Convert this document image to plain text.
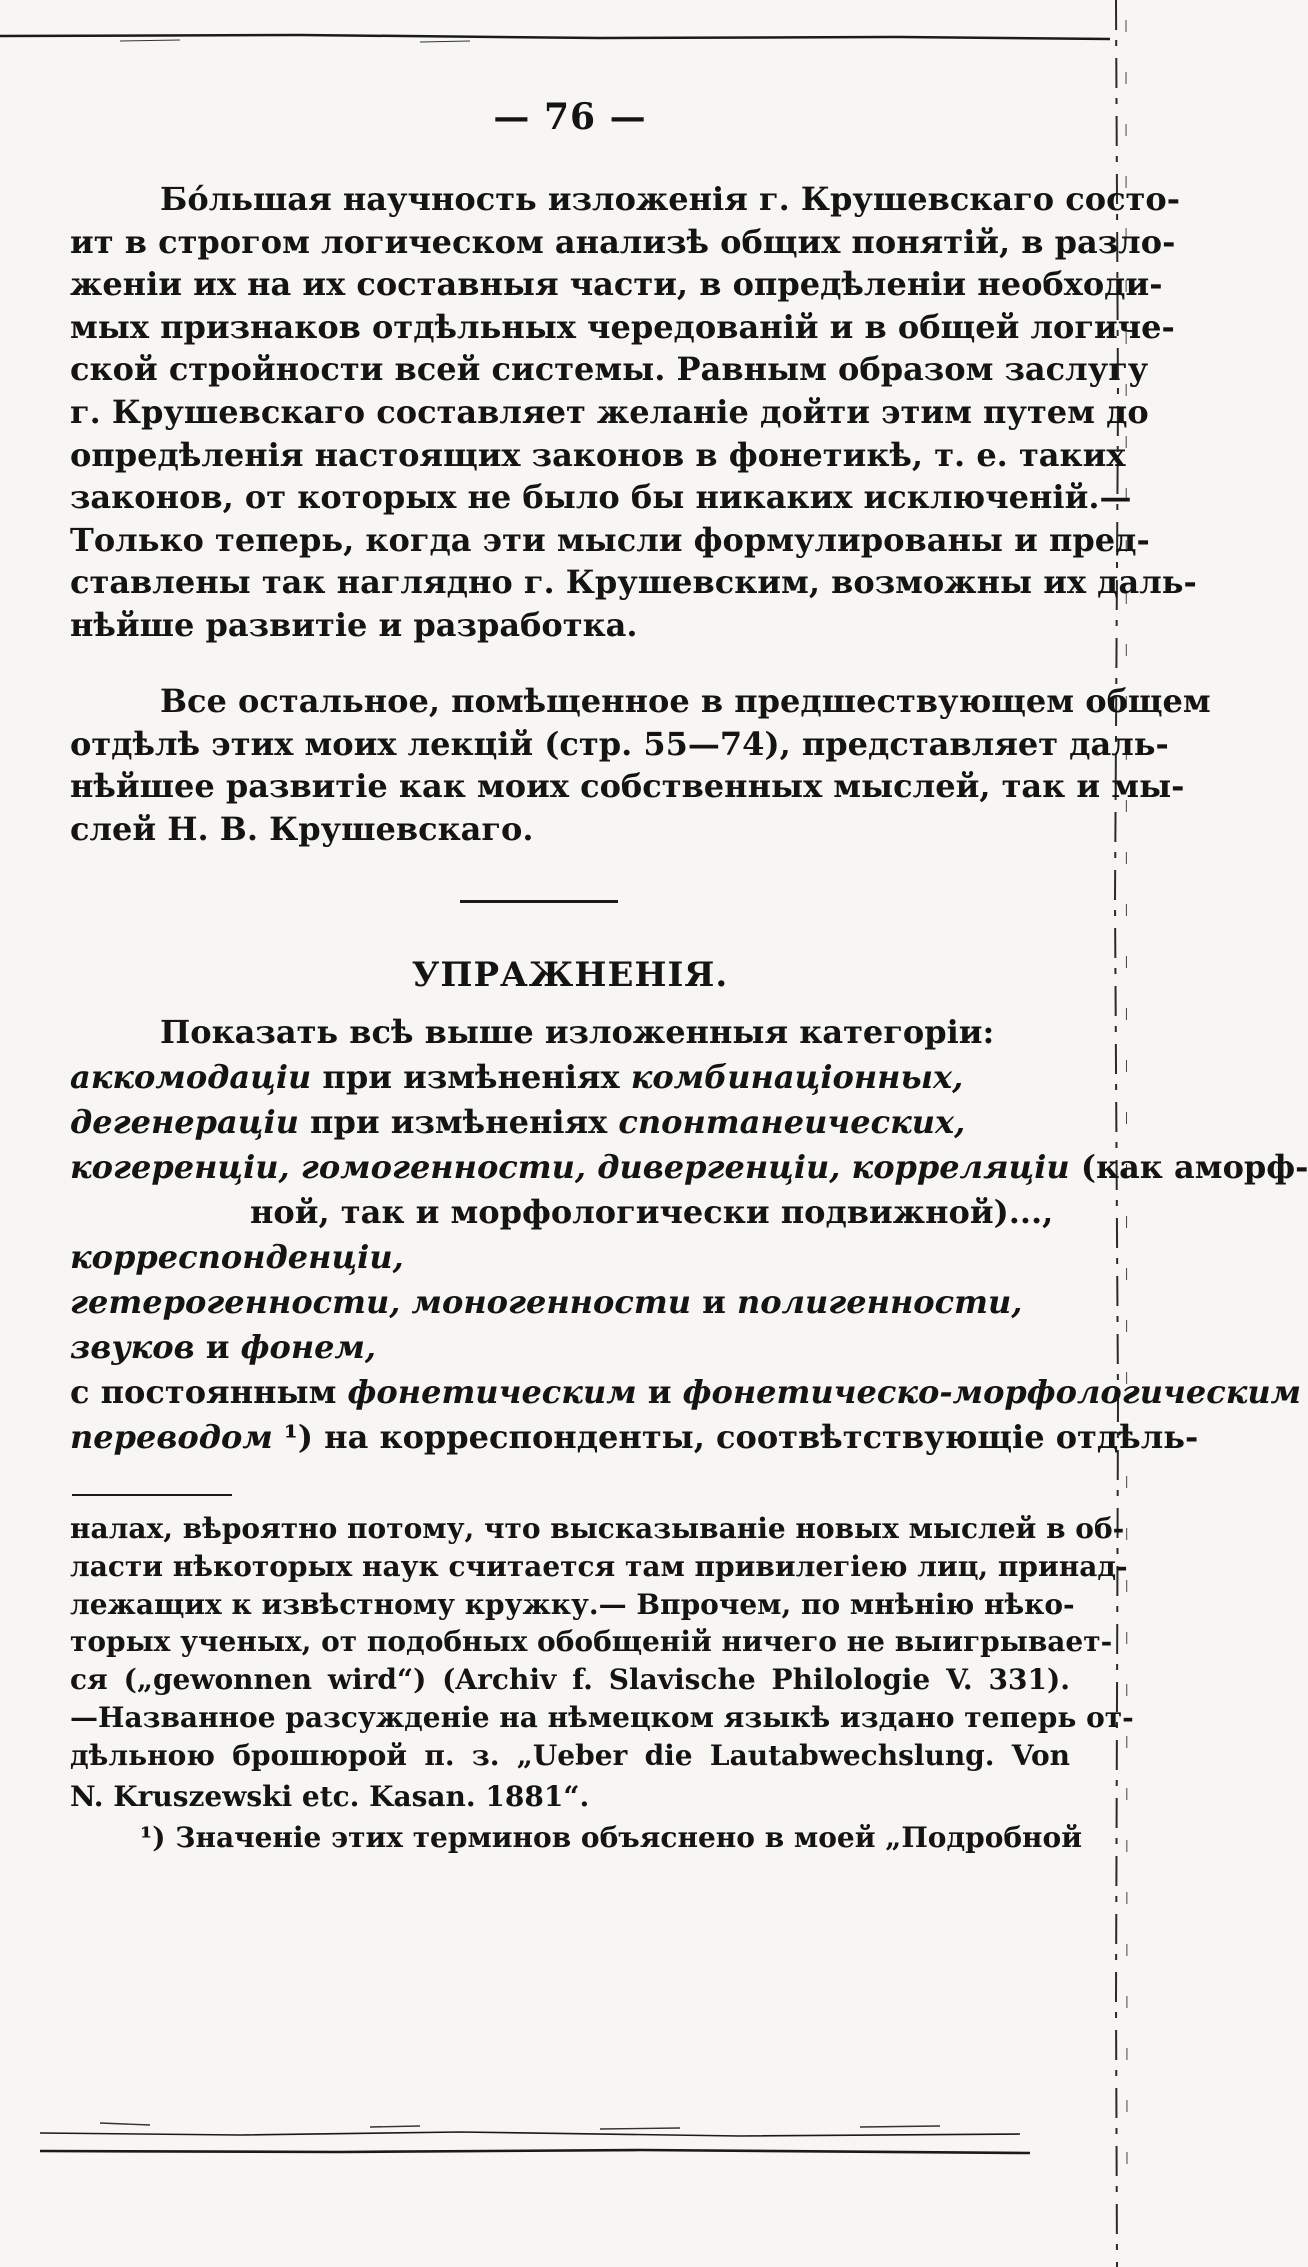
— 76 —
Бо́льшая научность изложенія г. Крушевскаго состо-
ит в строгом логическом анализѣ общих понятій, в разло-
женіи их на их составныя части, в опредѣленіи необходи-
мых признаков отдѣльных чередованій и в общей логиче-
ской стройности всей системы. Равным образом заслугу
г. Крушевскаго составляет желаніе дойти этим путем до
опредѣленія настоящих законов в фонетикѣ, т. е. таких
законов, от которых не было бы никаких исключеній.—
Только теперь, когда эти мысли формулированы и пред-
ставлены так наглядно г. Крушевским, возможны их даль-
нѣйше развитіе и разработка.
Все остальное, помѣщенное в предшествующем общем
отдѣлѣ этих моих лекцій (стр. 55—74), представляет даль-
нѣйшее развитіе как моих собственных мыслей, так и мы-
слей Н. В. Крушевскаго.
УПРАЖНЕНІЯ.
Показать всѣ выше изложенныя категоріи:
аккомодаціи при измѣненіях комбинаціонных,
дегенераціи при измѣненіях спонтанеических,
когеренціи, гомогенности, дивергенціи, корреляціи (как аморф-
ной, так и морфологически подвижной)...,
корреспонденціи,
гетерогенности, моногенности и полигенности,
звуков и фонем,
с постоянным фонетическим и фонетическо-морфологическим
переводом ¹) на корреспонденты, соотвѣтствующіе отдѣль-
налах, вѣроятно потому, что высказываніе новых мыслей в об-
ласти нѣкоторых наук считается там привилегіею лиц, принад-
лежащих к извѣстному кружку.— Впрочем, по мнѣнію нѣко-
торых ученых, от подобных обобщеній ничего не выигрывает-
ся („gewonnen wird“) (Archiv f. Slavische Philologie V. 331).
—Названное разсужденіе на нѣмецком языкѣ издано теперь от-
дѣльною брошюрой п. з. „Ueber die Lautabwechslung. Von
N. Kruszewski etc. Kasan. 1881“.
¹) Значеніе этих терминов объяснено в моей „Подробной
